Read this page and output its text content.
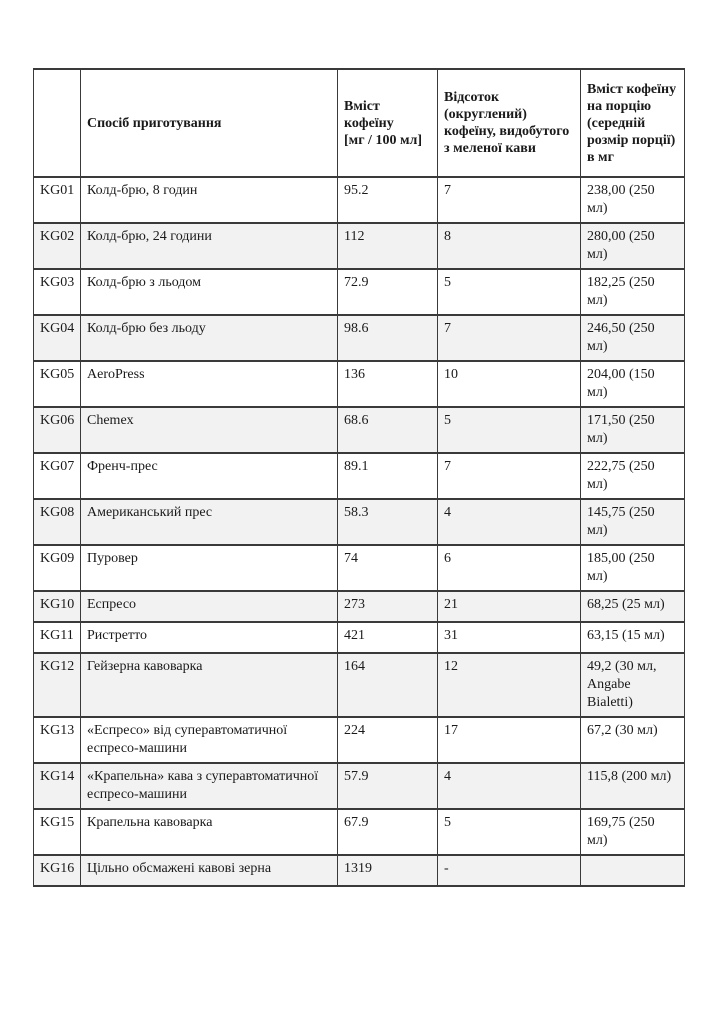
	Спосіб приготування	Вміст кофеїну [мг / 100 мл]	Відсоток (округлений) кофеїну, видобутого з меленої кави	Вміст кофеїну на порцію (середній розмір порції) в мг
KG01	Колд-брю, 8 годин	95.2	7	238,00 (250 мл)
KG02	Колд-брю, 24 години	112	8	280,00 (250 мл)
KG03	Колд-брю з льодом	72.9	5	182,25 (250 мл)
KG04	Колд-брю без льоду	98.6	7	246,50 (250 мл)
KG05	AeroPress	136	10	204,00 (150 мл)
KG06	Chemex	68.6	5	171,50 (250 мл)
KG07	Френч-прес	89.1	7	222,75 (250 мл)
KG08	Американський прес	58.3	4	145,75 (250 мл)
KG09	Пуровер	74	6	185,00 (250 мл)
KG10	Еспресо	273	21	68,25 (25 мл)
KG11	Ристретто	421	31	63,15 (15 мл)
KG12	Гейзерна кавоварка	164	12	49,2 (30 мл, Angabe Bialetti)
KG13	«Еспресо» від суперавтоматичної еспресо-машини	224	17	67,2 (30 мл)
KG14	«Крапельна» кава з суперавтоматичної еспресо-машини	57.9	4	115,8 (200 мл)
KG15	Крапельна кавоварка	67.9	5	169,75 (250 мл)
KG16	Цільно обсмажені кавові зерна	1319	-	
